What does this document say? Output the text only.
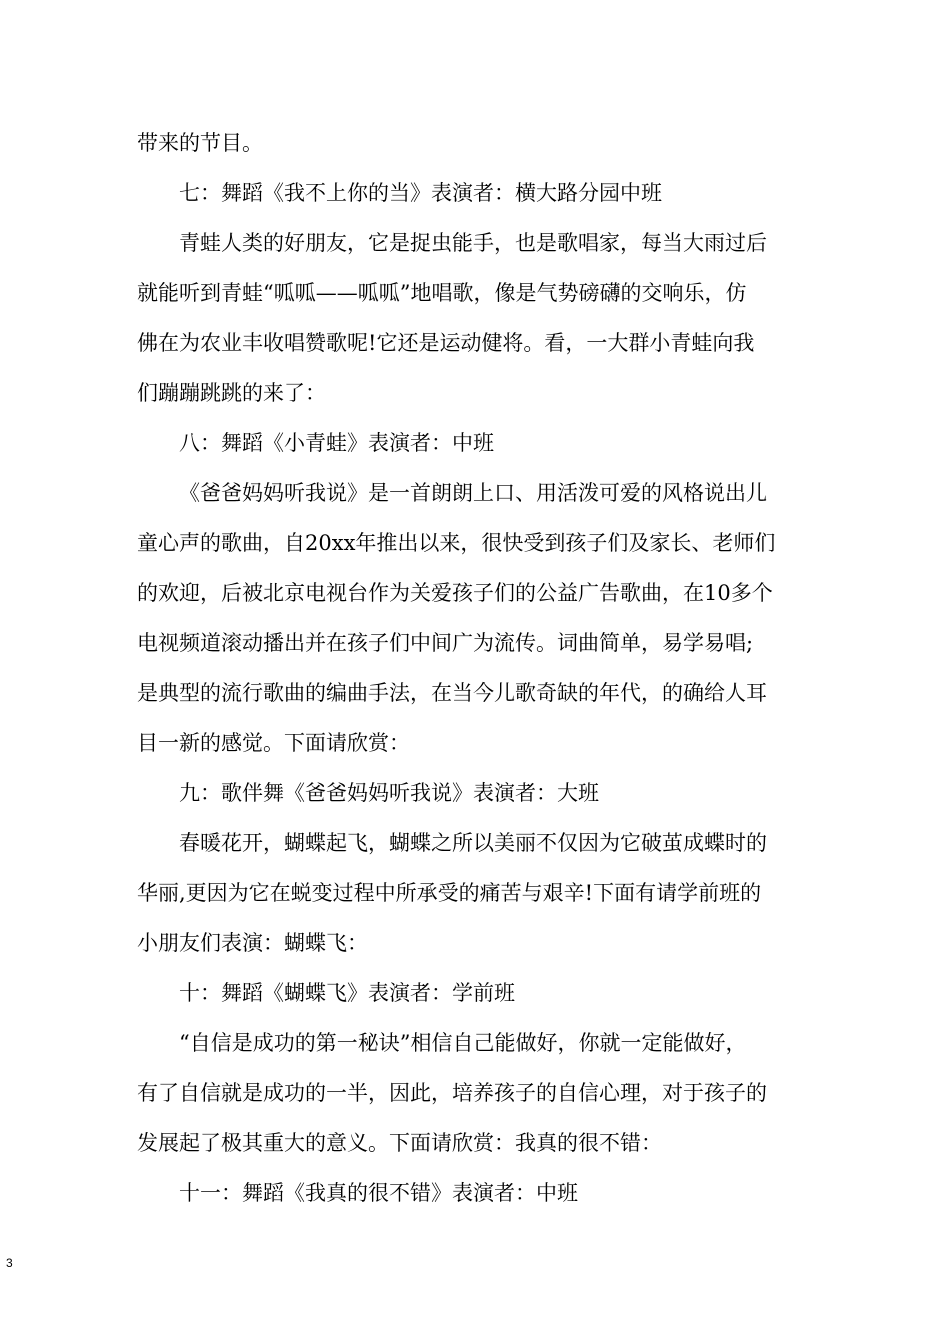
带来的节目。
七：舞蹈《我不上你的当》表演者：横大路分园中班
青蛙人类的好朋友，它是捉虫能手，也是歌唱家，每当大雨过后
就能听到青蛙“呱呱——呱呱”地唱歌，像是气势磅礴的交响乐，仿
佛在为农业丰收唱赞歌呢!它还是运动健将。看，一大群小青蛙向我
们蹦蹦跳跳的来了：
八：舞蹈《小青蛙》表演者：中班
《爸爸妈妈听我说》是一首朗朗上口、用活泼可爱的风格说出儿
童心声的歌曲，自20xx年推出以来，很快受到孩子们及家长、老师们
的欢迎，后被北京电视台作为关爱孩子们的公益广告歌曲，在10多个
电视频道滚动播出并在孩子们中间广为流传。词曲简单，易学易唱;
是典型的流行歌曲的编曲手法，在当今儿歌奇缺的年代，的确给人耳
目一新的感觉。下面请欣赏：
九：歌伴舞《爸爸妈妈听我说》表演者：大班
春暖花开，蝴蝶起飞，蝴蝶之所以美丽不仅因为它破茧成蝶时的
华丽,更因为它在蜕变过程中所承受的痛苦与艰辛!下面有请学前班的
小朋友们表演：蝴蝶飞：
十：舞蹈《蝴蝶飞》表演者：学前班
“自信是成功的第一秘诀”相信自己能做好，你就一定能做好，
有了自信就是成功的一半，因此，培养孩子的自信心理，对于孩子的
发展起了极其重大的意义。下面请欣赏：我真的很不错：
十一：舞蹈《我真的很不错》表演者：中班
3
